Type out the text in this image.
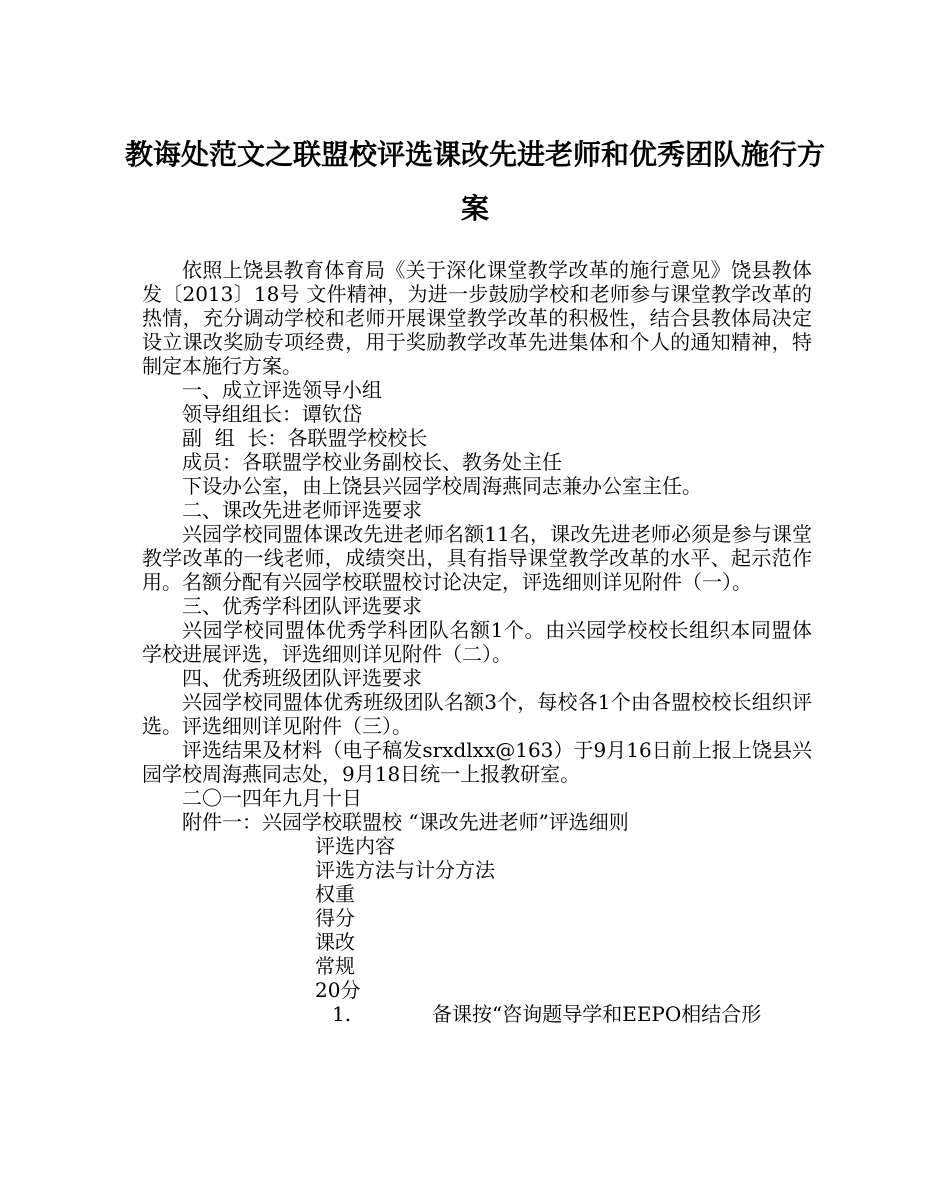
教诲处范文之联盟校评选课改先进老师和优秀团队施行方案

依照上饶县教育体育局《关于深化课堂教学改革的施行意见》饶县教体发〔2013〕18号 文件精神，为进一步鼓励学校和老师参与课堂教学改革的热情，充分调动学校和老师开展课堂教学改革的积极性，结合县教体局决定设立课改奖励专项经费，用于奖励教学改革先进集体和个人的通知精神，特制定本施行方案。

一、成立评选领导小组

领导组组长：谭钦岱

副  组  长：各联盟学校校长

成员：各联盟学校业务副校长、教务处主任

下设办公室，由上饶县兴园学校周海燕同志兼办公室主任。

二、课改先进老师评选要求

兴园学校同盟体课改先进老师名额11名，课改先进老师必须是参与课堂教学改革的一线老师，成绩突出，具有指导课堂教学改革的水平、起示范作用。名额分配有兴园学校联盟校讨论决定，评选细则详见附件（一）。

三、优秀学科团队评选要求

兴园学校同盟体优秀学科团队名额1个。由兴园学校校长组织本同盟体学校进展评选，评选细则详见附件（二）。

四、优秀班级团队评选要求

兴园学校同盟体优秀班级团队名额3个，每校各1个由各盟校校长组织评选。评选细则详见附件（三）。

评选结果及材料（电子稿发srxdlxx@163）于9月16日前上报上饶县兴园学校周海燕同志处，9月18日统一上报教研室。

二〇一四年九月十日

附件一：兴园学校联盟校 “课改先进老师”评选细则

评选内容

评选方法与计分方法

权重

得分

课改

常规

20分

1.	备课按“咨询题导学和EEPO相结合形
